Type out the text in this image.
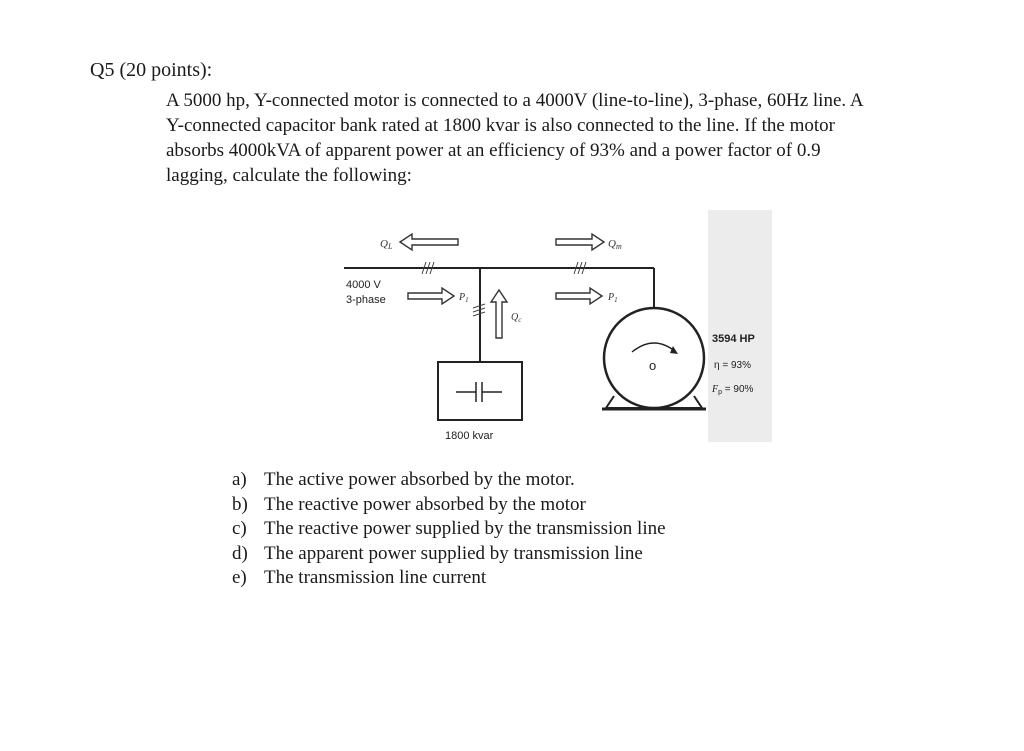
Q5 (20 points):
A 5000 hp, Y-connected motor is connected to a 4000V (line-to-line), 3-phase, 60Hz line. A
Y-connected capacitor bank rated at 1800 kvar is also connected to the line. If the motor
absorbs 4000kVA of apparent power at an efficiency of 93% and a power factor of 0.9
lagging, calculate the following:
QL	Qm
$P_1$	$P_1$
$Q_c$
4000 V
3-phase
1800 kvar
o
3594 HP
η = 93%
$F_p = 90\%$
a) The active power absorbed by the motor.
b) The reactive power absorbed by the motor
c) The reactive power supplied by the transmission line
d) The apparent power supplied by transmission line
e) The transmission line current
